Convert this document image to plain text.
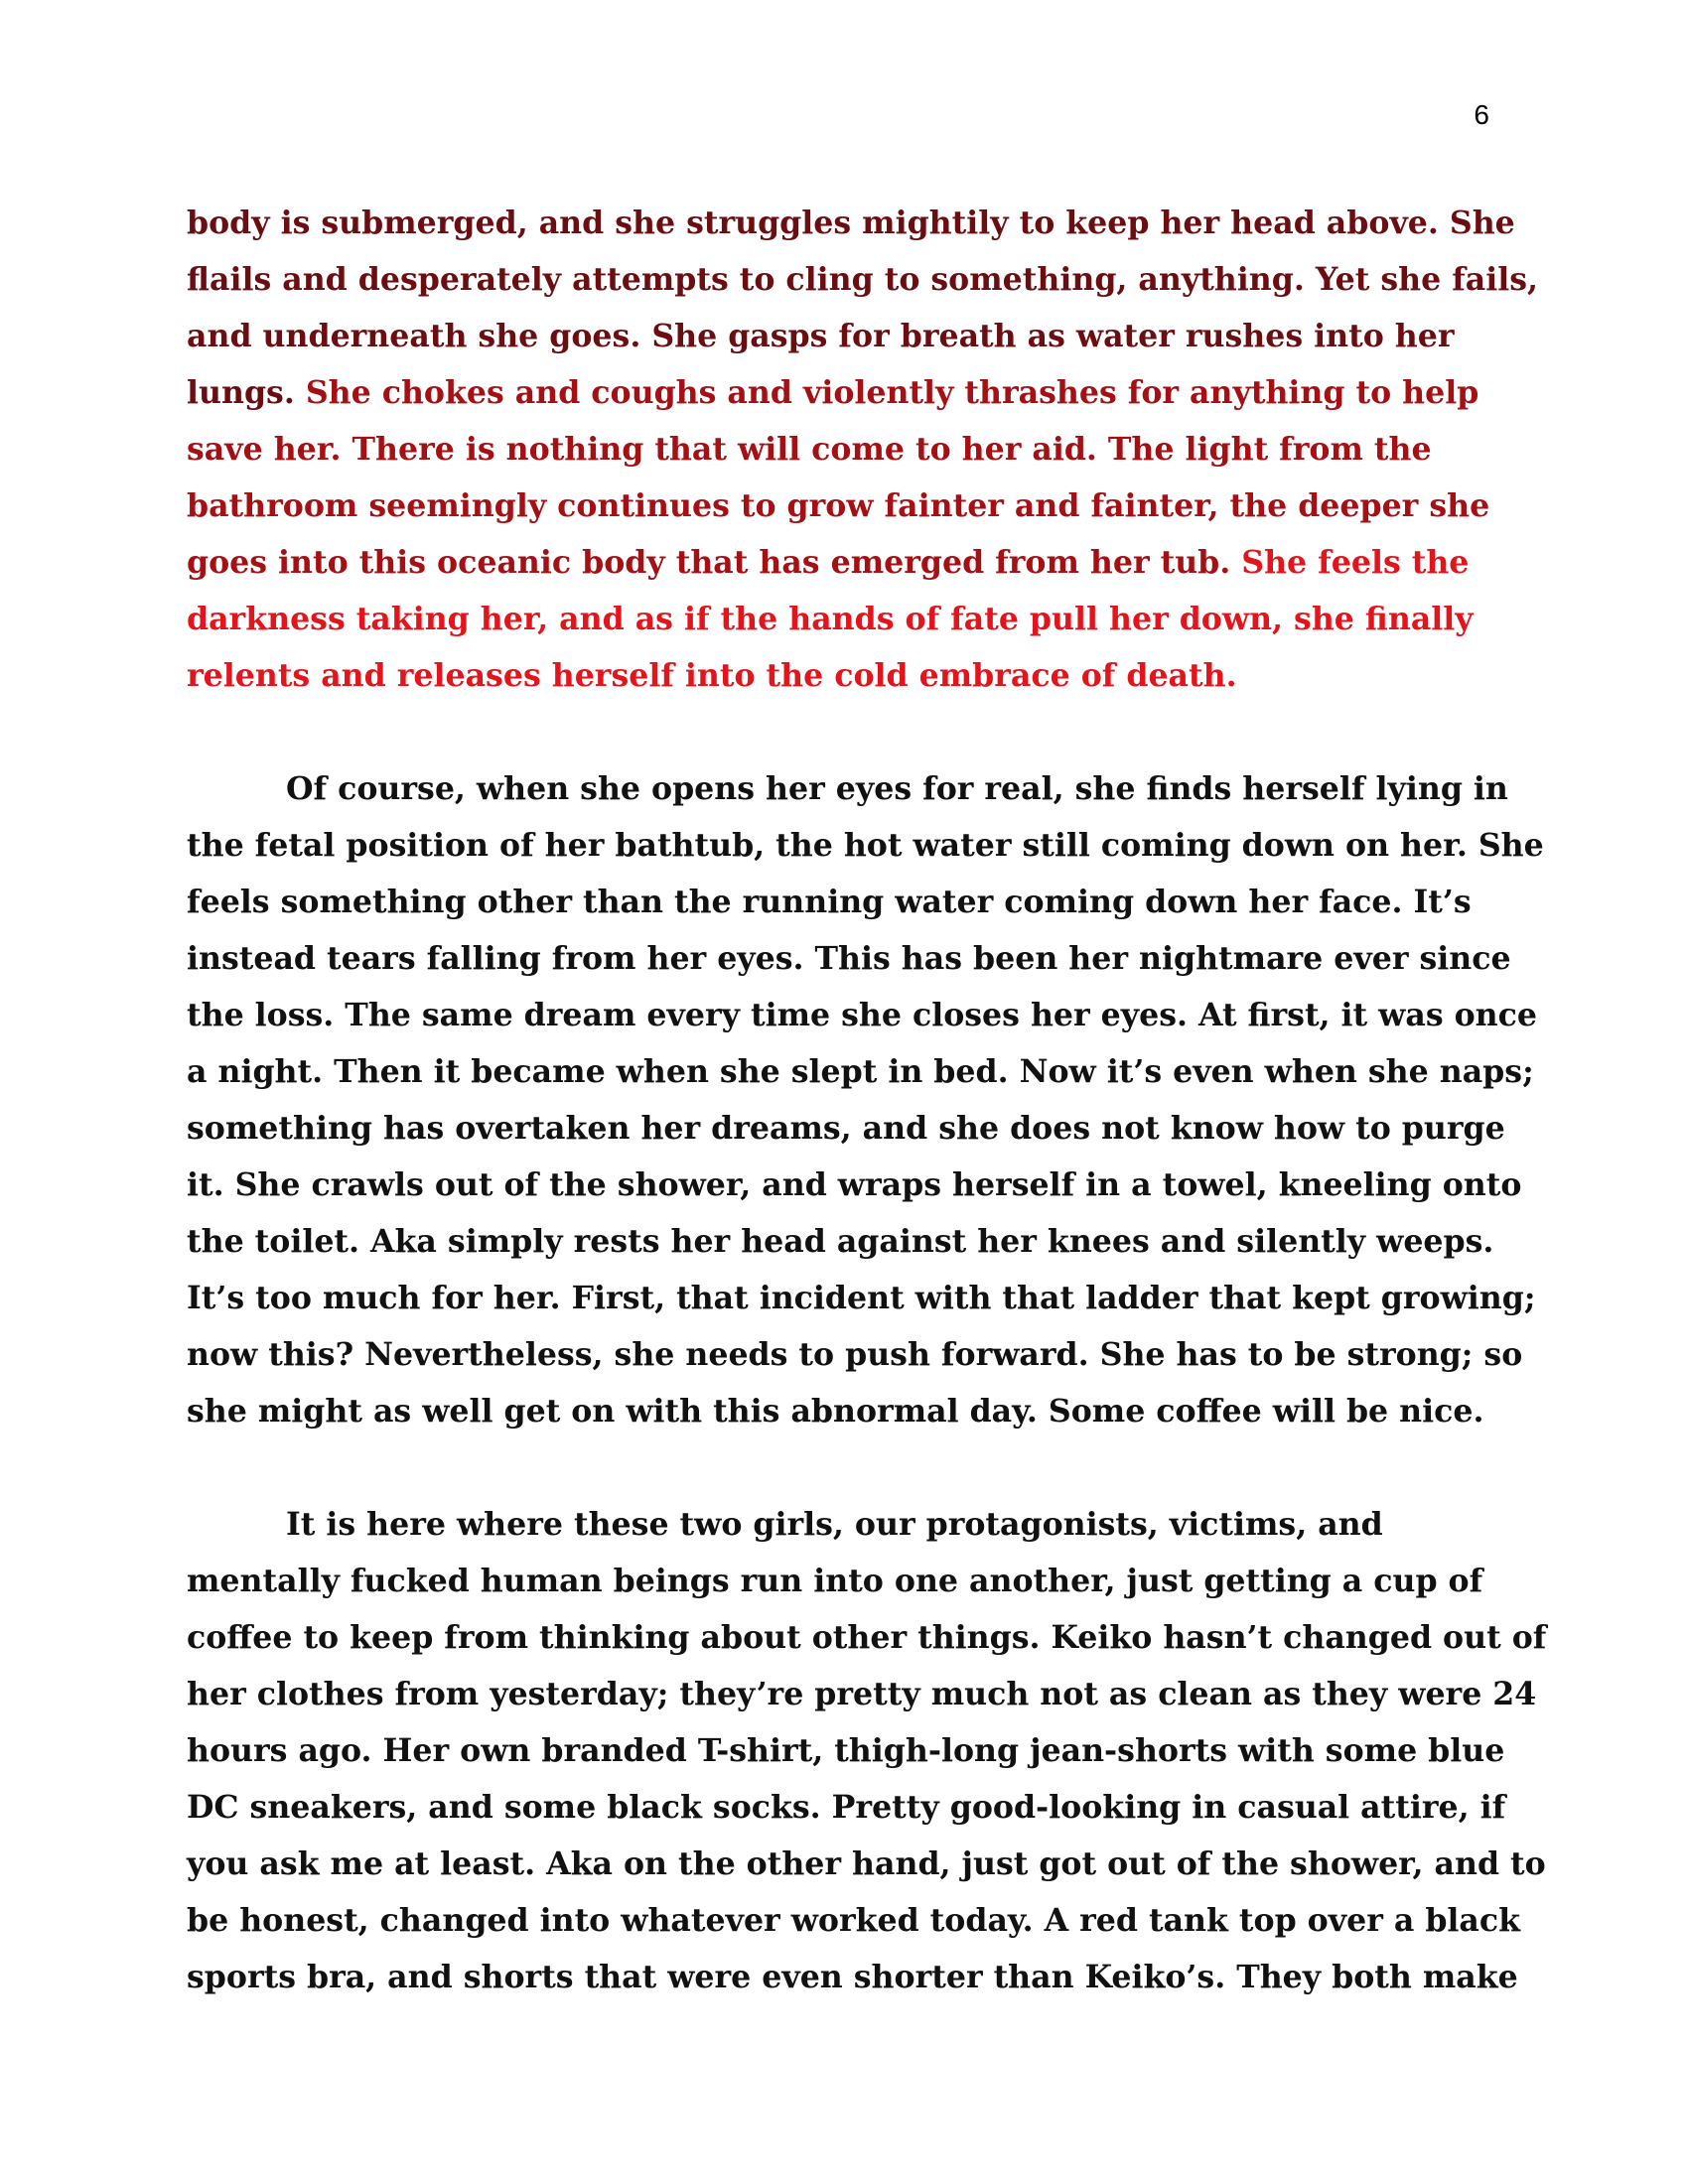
6

body is submerged, and she struggles mightily to keep her head above. She
flails and desperately attempts to cling to something, anything. Yet she fails,
and underneath she goes. She gasps for breath as water rushes into her
lungs. She chokes and coughs and violently thrashes for anything to help
save her. There is nothing that will come to her aid. The light from the
bathroom seemingly continues to grow fainter and fainter, the deeper she
goes into this oceanic body that has emerged from her tub. She feels the
darkness taking her, and as if the hands of fate pull her down, she finally
relents and releases herself into the cold embrace of death.

Of course, when she opens her eyes for real, she finds herself lying in
the fetal position of her bathtub, the hot water still coming down on her. She
feels something other than the running water coming down her face. It’s
instead tears falling from her eyes. This has been her nightmare ever since
the loss. The same dream every time she closes her eyes. At first, it was once
a night. Then it became when she slept in bed. Now it’s even when she naps;
something has overtaken her dreams, and she does not know how to purge
it. She crawls out of the shower, and wraps herself in a towel, kneeling onto
the toilet. Aka simply rests her head against her knees and silently weeps.
It’s too much for her. First, that incident with that ladder that kept growing;
now this? Nevertheless, she needs to push forward. She has to be strong; so
she might as well get on with this abnormal day. Some coffee will be nice.

It is here where these two girls, our protagonists, victims, and
mentally fucked human beings run into one another, just getting a cup of
coffee to keep from thinking about other things. Keiko hasn’t changed out of
her clothes from yesterday; they’re pretty much not as clean as they were 24
hours ago. Her own branded T-shirt, thigh-long jean-shorts with some blue
DC sneakers, and some black socks. Pretty good-looking in casual attire, if
you ask me at least. Aka on the other hand, just got out of the shower, and to
be honest, changed into whatever worked today. A red tank top over a black
sports bra, and shorts that were even shorter than Keiko’s. They both make
